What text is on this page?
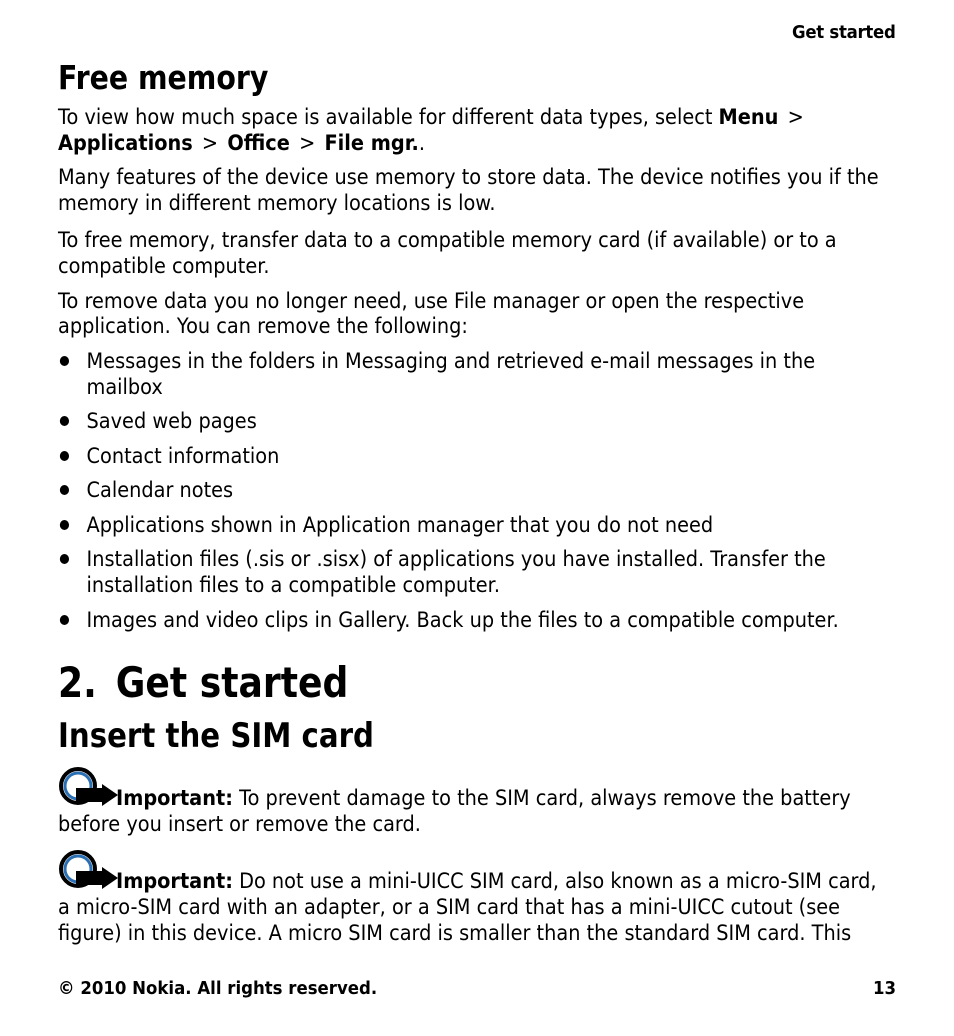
Get started
Free memory
To view how much space is available for different data types, select Menu >
Applications > Office > File mgr..
Many features of the device use memory to store data. The device notifies you if the
memory in different memory locations is low.
To free memory, transfer data to a compatible memory card (if available) or to a
compatible computer.
To remove data you no longer need, use File manager or open the respective
application. You can remove the following:
Messages in the folders in Messaging and retrieved e-mail messages in the
mailbox
Saved web pages
Contact information
Calendar notes
Applications shown in Application manager that you do not need
Installation files (.sis or .sisx) of applications you have installed. Transfer the
installation files to a compatible computer.
Images and video clips in Gallery. Back up the files to a compatible computer.
2. Get started
Insert the SIM card
Important: To prevent damage to the SIM card, always remove the battery
before you insert or remove the card.
Important: Do not use a mini-UICC SIM card, also known as a micro-SIM card,
a micro-SIM card with an adapter, or a SIM card that has a mini-UICC cutout (see
figure) in this device. A micro SIM card is smaller than the standard SIM card. This
© 2010 Nokia. All rights reserved.	13
